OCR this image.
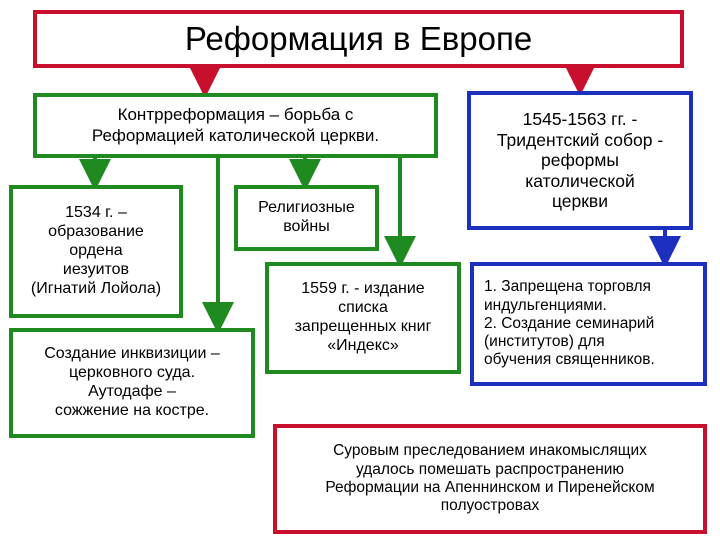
Реформация в Европе
Контрреформация – борьба с
Реформацией католической церкви.
1545-1563 гг. -
Тридентский собор -
реформы
католической
церкви
1534 г. –
образование
ордена
иезуитов
(Игнатий Лойола)
Религиозные
войны
1559 г. - издание
списка
запрещенных книг
«Индекс»
Создание инквизиции –
церковного суда.
Аутодафе –
сожжение на костре.
1. Запрещена торговля
индульгенциями.
2. Создание семинарий
(институтов) для
обучения священников.
Суровым преследованием инакомыслящих
удалось помешать распространению
Реформации на Апеннинском и Пиренейском
полуостровах
